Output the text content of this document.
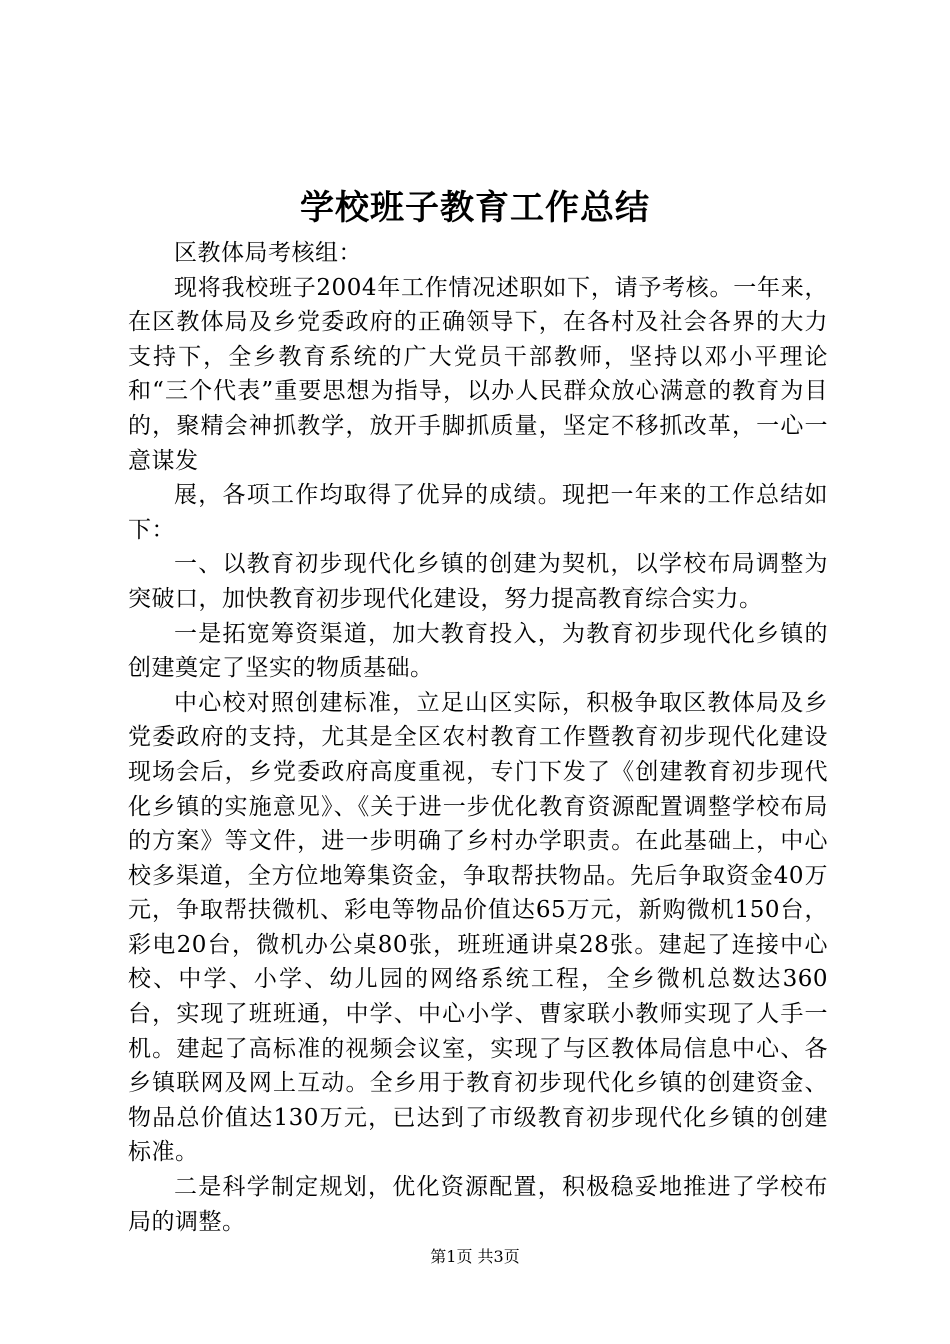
学校班子教育工作总结

区教体局考核组：

现将我校班子2004年工作情况述职如下，请予考核。一年来，在区教体局及乡党委政府的正确领导下，在各村及社会各界的大力支持下，全乡教育系统的广大党员干部教师，坚持以邓小平理论和“三个代表”重要思想为指导，以办人民群众放心满意的教育为目的，聚精会神抓教学，放开手脚抓质量，坚定不移抓改革，一心一意谋发

展，各项工作均取得了优异的成绩。现把一年来的工作总结如下：

一、以教育初步现代化乡镇的创建为契机，以学校布局调整为突破口，加快教育初步现代化建设，努力提高教育综合实力。

一是拓宽筹资渠道，加大教育投入，为教育初步现代化乡镇的创建奠定了坚实的物质基础。

中心校对照创建标准，立足山区实际，积极争取区教体局及乡党委政府的支持，尤其是全区农村教育工作暨教育初步现代化建设现场会后，乡党委政府高度重视，专门下发了《创建教育初步现代化乡镇的实施意见》、《关于进一步优化教育资源配置调整学校布局的方案》等文件，进一步明确了乡村办学职责。在此基础上，中心校多渠道，全方位地筹集资金，争取帮扶物品。先后争取资金40万元，争取帮扶微机、彩电等物品价值达65万元，新购微机150台，彩电20台，微机办公桌80张，班班通讲桌28张。建起了连接中心校、中学、小学、幼儿园的网络系统工程，全乡微机总数达360台，实现了班班通，中学、中心小学、曹家联小教师实现了人手一机。建起了高标准的视频会议室，实现了与区教体局信息中心、各乡镇联网及网上互动。全乡用于教育初步现代化乡镇的创建资金、物品总价值达130万元，已达到了市级教育初步现代化乡镇的创建标准。

二是科学制定规划，优化资源配置，积极稳妥地推进了学校布局的调整。

第1页 共3页
